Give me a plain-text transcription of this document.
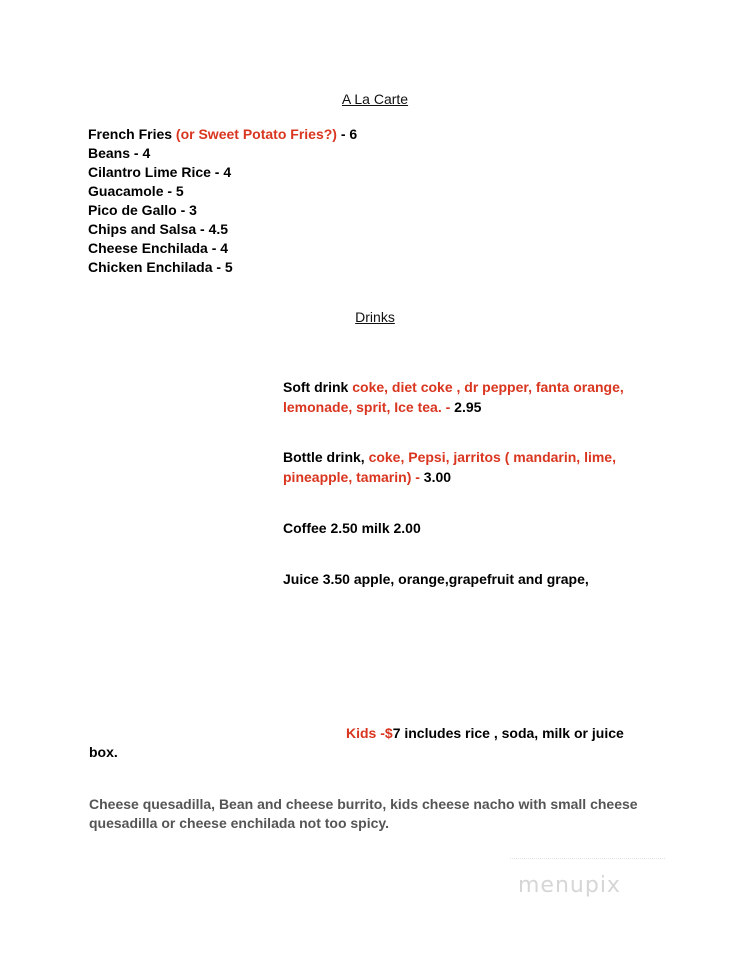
A La Carte
French Fries (or Sweet Potato Fries?) - 6
Beans - 4
Cilantro Lime Rice - 4
Guacamole - 5
Pico de Gallo - 3
Chips and Salsa - 4.5
Cheese Enchilada - 4
Chicken Enchilada - 5
Drinks
Soft drink coke, diet coke , dr pepper, fanta orange, lemonade, sprit, Ice tea. - 2.95
Bottle drink, coke, Pepsi, jarritos ( mandarin, lime, pineapple, tamarin) - 3.00
Coffee 2.50 milk 2.00
Juice 3.50 apple, orange,grapefruit and grape,
Kids -$7 includes rice , soda, milk or juice
box.
Cheese quesadilla, Bean and cheese burrito, kids cheese nacho with small cheese quesadilla or cheese enchilada not too spicy.
menupix
